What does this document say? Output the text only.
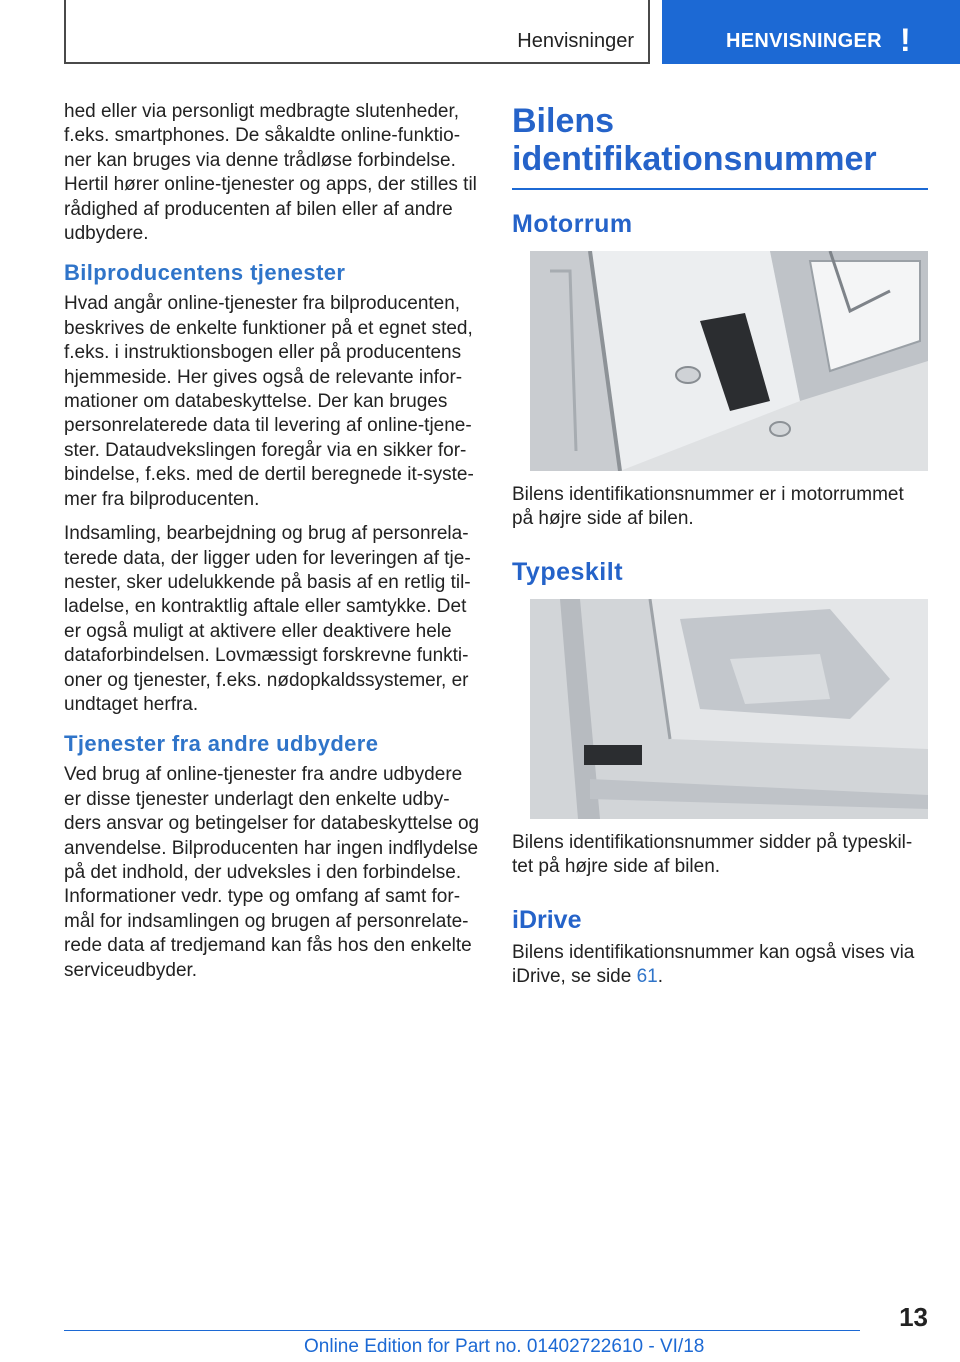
Henvisninger	HENVISNINGER !

hed eller via personligt medbragte slutenheder, f.eks. smartphones. De såkaldte online-funktio-ner kan bruges via denne trådløse forbindelse. Hertil hører online-tjenester og apps, der stilles til rådighed af producenten af bilen eller af andre udbydere.

Bilproducentens tjenester

Hvad angår online-tjenester fra bilproducenten, beskrives de enkelte funktioner på et egnet sted, f.eks. i instruktionsbogen eller på producentens hjemmeside. Her gives også de relevante infor-mationer om databeskyttelse. Der kan bruges personrelaterede data til levering af online-tjene-ster. Dataudvekslingen foregår via en sikker for-bindelse, f.eks. med de dertil beregnede it-syste-mer fra bilproducenten.

Indsamling, bearbejdning og brug af personrela-terede data, der ligger uden for leveringen af tje-nester, sker udelukkende på basis af en retlig til-ladelse, en kontraktlig aftale eller samtykke. Det er også muligt at aktivere eller deaktivere hele dataforbindelsen. Lovmæssigt forskrevne funkti-oner og tjenester, f.eks. nødopkaldssystemer, er undtaget herfra.

Tjenester fra andre udbydere

Ved brug af online-tjenester fra andre udbydere er disse tjenester underlagt den enkelte udby-ders ansvar og betingelser for databeskyttelse og anvendelse. Bilproducenten har ingen indflydelse på det indhold, der udveksles i den forbindelse. Informationer vedr. type og omfang af samt for-mål for indsamlingen og brugen af personrelate-rede data af tredjemand kan fås hos den enkelte serviceudbyder.

Bilens identifikationsnummer
Motorrum

Bilens identifikationsnummer er i motorrummet på højre side af bilen.

Typeskilt

Bilens identifikationsnummer sidder på typeskil-tet på højre side af bilen.

iDrive

Bilens identifikationsnummer kan også vises via iDrive, se side 61.

13
Online Edition for Part no. 01402722610 - VI/18
